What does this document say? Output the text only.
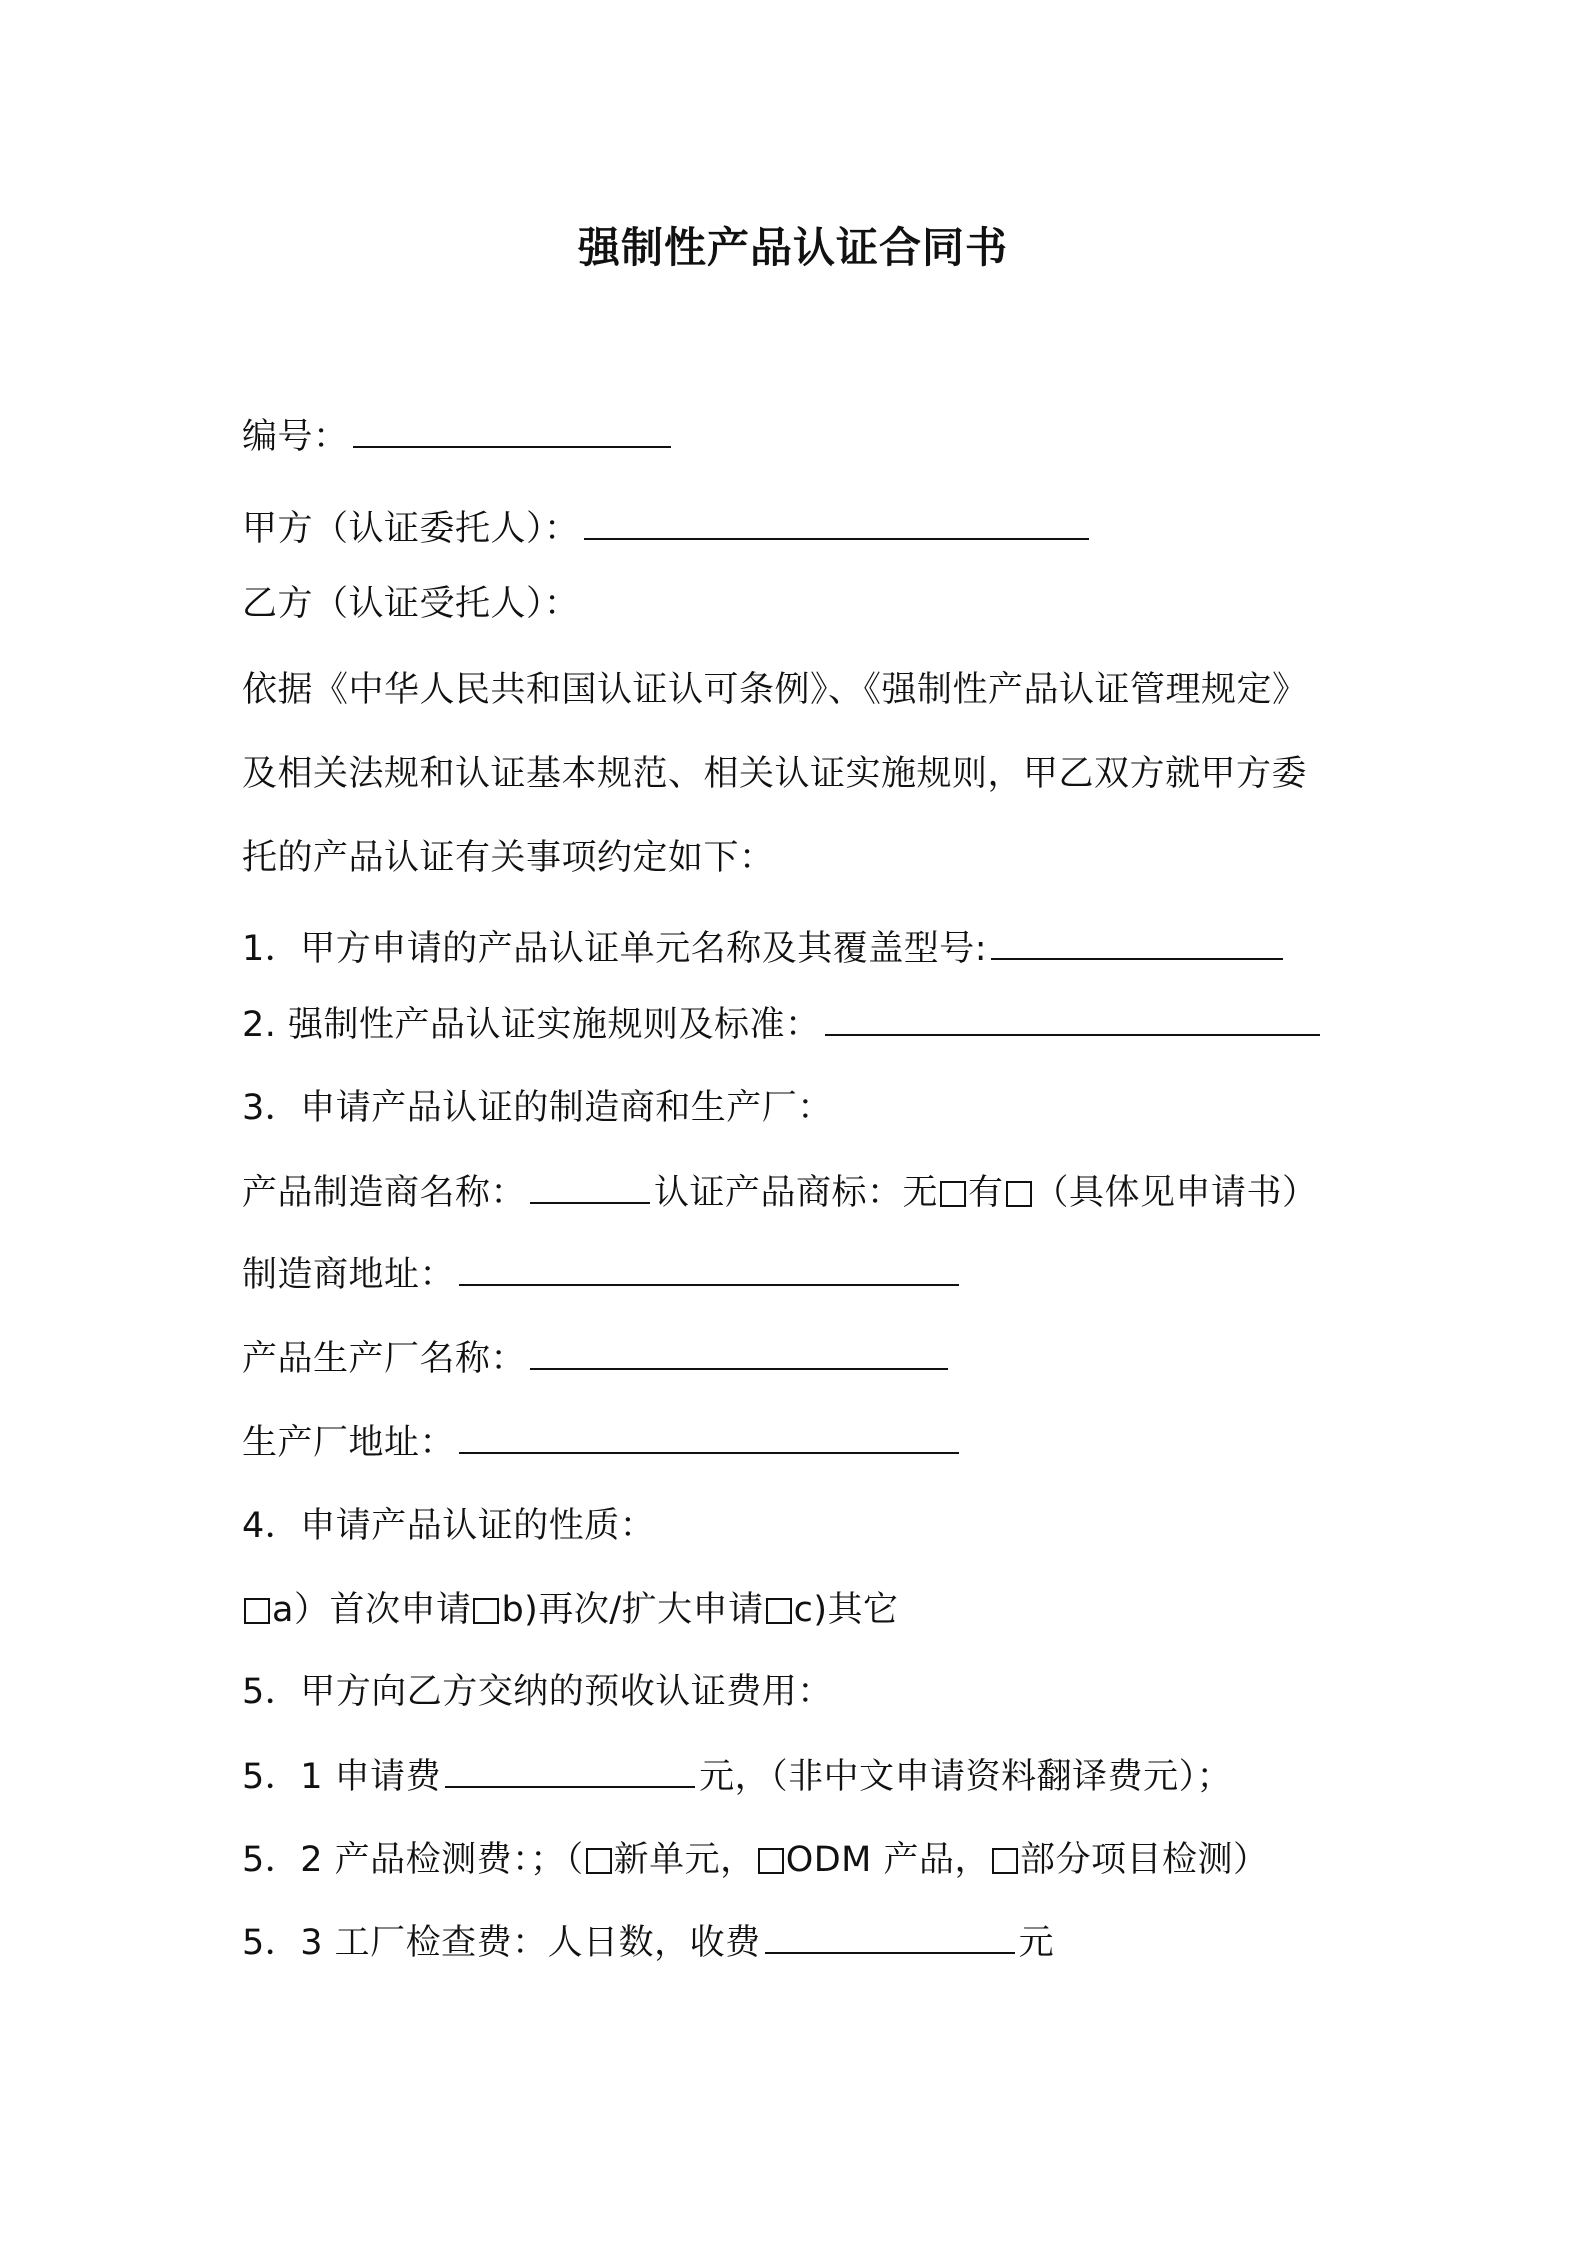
强制性产品认证合同书
编号：
甲方（认证委托人）：
乙方（认证受托人）：
依据《中华人民共和国认证认可条例》、《强制性产品认证管理规定》
及相关法规和认证基本规范、相关认证实施规则，甲乙双方就甲方委
托的产品认证有关事项约定如下：
1．甲方申请的产品认证单元名称及其覆盖型号:
2. 强制性产品认证实施规则及标准：
3．申请产品认证的制造商和生产厂：
产品制造商名称：	认证产品商标：无 有 （具体见申请书）
制造商地址：
产品生产厂名称：
生产厂地址：
4．申请产品认证的性质：
a）首次申请 b)再次/扩大申请 c)其它
5．甲方向乙方交纳的预收认证费用：
5．1 申请费	元，（非中文申请资料翻译费元）；
5．2 产品检测费：；（ 新单元， ODM 产品， 部分项目检测）
5．3 工厂检查费：人日数，收费	元
